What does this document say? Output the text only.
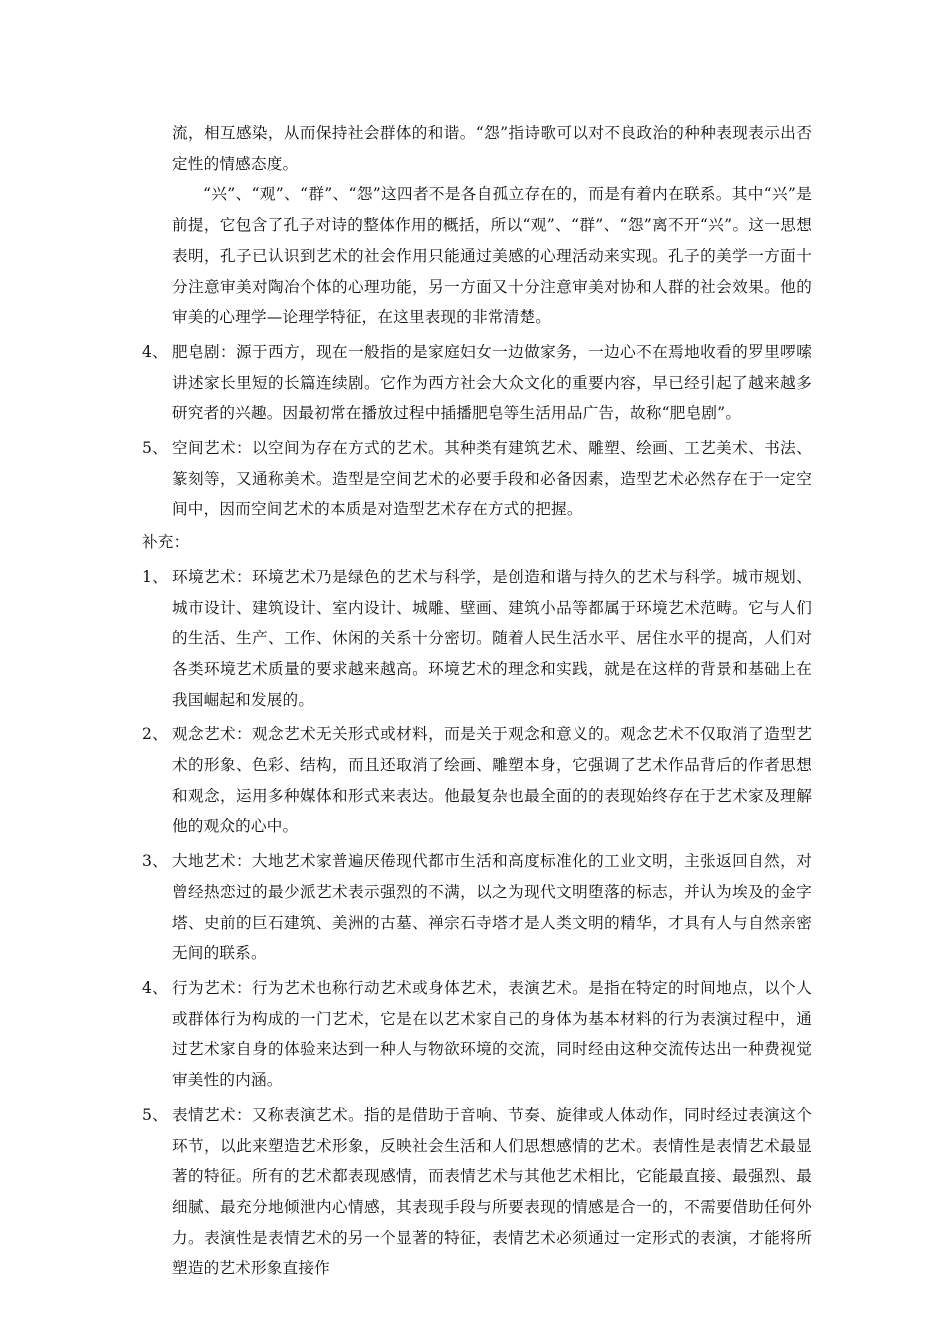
流，相互感染，从而保持社会群体的和谐。“怨”指诗歌可以对不良政治的种种表现表示出否定性的情感态度。

“兴”、“观”、“群”、“怨”这四者不是各自孤立存在的，而是有着内在联系。其中“兴”是前提，它包含了孔子对诗的整体作用的概括，所以“观”、“群”、“怨”离不开“兴”。这一思想表明，孔子已认识到艺术的社会作用只能通过美感的心理活动来实现。孔子的美学一方面十分注意审美对陶冶个体的心理功能，另一方面又十分注意审美对协和人群的社会效果。他的审美的心理学—论理学特征，在这里表现的非常清楚。

4、 肥皂剧：源于西方，现在一般指的是家庭妇女一边做家务，一边心不在焉地收看的罗里啰嗦讲述家长里短的长篇连续剧。它作为西方社会大众文化的重要内容，早已经引起了越来越多研究者的兴趣。因最初常在播放过程中插播肥皂等生活用品广告，故称“肥皂剧”。

5、 空间艺术：以空间为存在方式的艺术。其种类有建筑艺术、雕塑、绘画、工艺美术、书法、篆刻等，又通称美术。造型是空间艺术的必要手段和必备因素，造型艺术必然存在于一定空间中，因而空间艺术的本质是对造型艺术存在方式的把握。

补充：

1、 环境艺术：环境艺术乃是绿色的艺术与科学，是创造和谐与持久的艺术与科学。城市规划、城市设计、建筑设计、室内设计、城雕、壁画、建筑小品等都属于环境艺术范畴。它与人们的生活、生产、工作、休闲的关系十分密切。随着人民生活水平、居住水平的提高，人们对各类环境艺术质量的要求越来越高。环境艺术的理念和实践，就是在这样的背景和基础上在我国崛起和发展的。

2、 观念艺术：观念艺术无关形式或材料，而是关于观念和意义的。观念艺术不仅取消了造型艺术的形象、色彩、结构，而且还取消了绘画、雕塑本身，它强调了艺术作品背后的作者思想和观念，运用多种媒体和形式来表达。他最复杂也最全面的的表现始终存在于艺术家及理解他的观众的心中。

3、 大地艺术：大地艺术家普遍厌倦现代都市生活和高度标准化的工业文明，主张返回自然，对曾经热恋过的最少派艺术表示强烈的不满，以之为现代文明堕落的标志，并认为埃及的金字塔、史前的巨石建筑、美洲的古墓、禅宗石寺塔才是人类文明的精华，才具有人与自然亲密无间的联系。

4、 行为艺术：行为艺术也称行动艺术或身体艺术，表演艺术。是指在特定的时间地点，以个人或群体行为构成的一门艺术，它是在以艺术家自己的身体为基本材料的行为表演过程中，通过艺术家自身的体验来达到一种人与物欲环境的交流，同时经由这种交流传达出一种费视觉审美性的内涵。

5、 表情艺术：又称表演艺术。指的是借助于音响、节奏、旋律或人体动作，同时经过表演这个环节，以此来塑造艺术形象，反映社会生活和人们思想感情的艺术。表情性是表情艺术最显著的特征。所有的艺术都表现感情，而表情艺术与其他艺术相比，它能最直接、最强烈、最细腻、最充分地倾泄内心情感，其表现手段与所要表现的情感是合一的，不需要借助任何外力。表演性是表情艺术的另一个显著的特征，表情艺术必须通过一定形式的表演，才能将所塑造的艺术形象直接作
